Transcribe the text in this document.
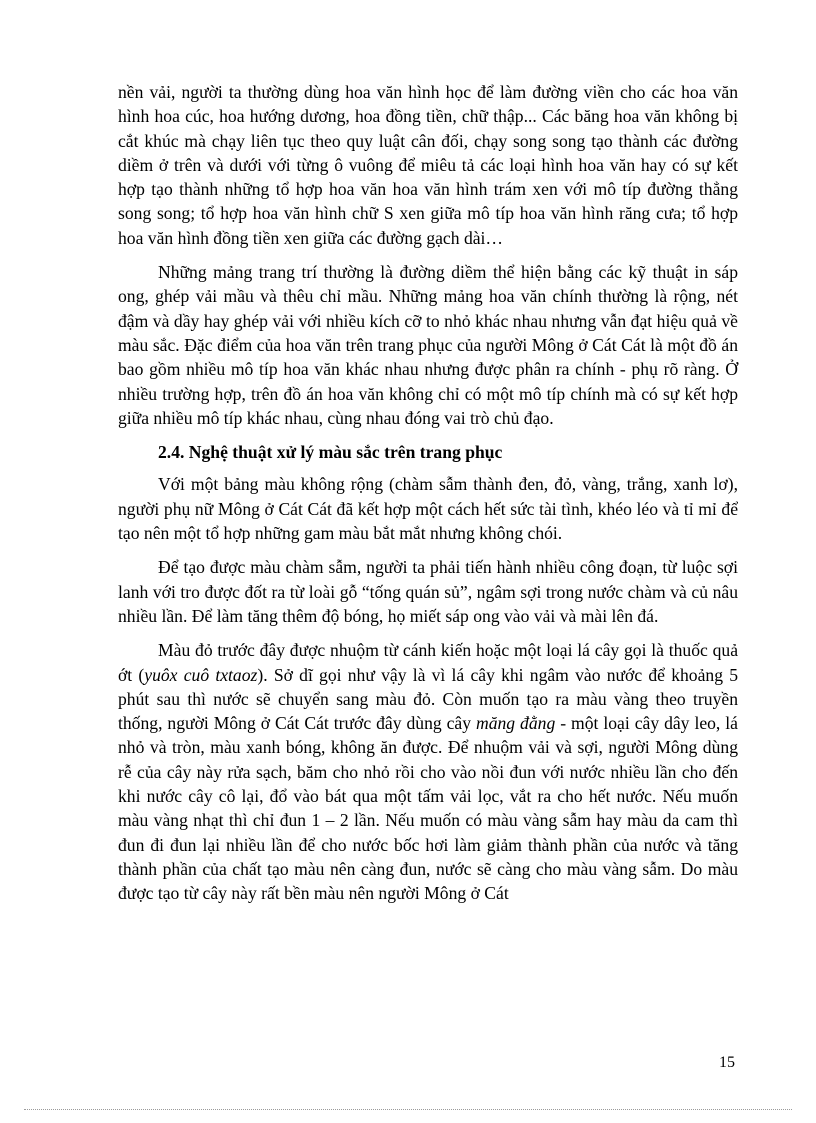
nền vải, người ta thường dùng hoa văn hình học để làm đường viền cho các hoa văn hình hoa cúc, hoa hướng dương, hoa đồng tiền, chữ thập... Các băng hoa văn không bị cắt khúc mà chạy liên tục theo quy luật cân đối, chạy song song tạo thành các đường diềm ở trên và dưới với từng ô vuông để miêu tả các loại hình hoa văn hay có sự kết hợp tạo thành những tổ hợp hoa văn hoa văn hình trám xen với mô típ đường thẳng song song; tổ hợp hoa văn hình chữ S xen giữa mô típ hoa văn hình răng cưa; tổ hợp hoa văn hình đồng tiền xen giữa các đường gạch dài…

Những mảng trang trí thường là đường diềm thể hiện bằng các kỹ thuật in sáp ong, ghép vải mầu và thêu chỉ mầu. Những mảng hoa văn chính thường là rộng, nét đậm và dầy hay ghép vải với nhiều kích cỡ to nhỏ khác nhau nhưng vẫn đạt hiệu quả về màu sắc. Đặc điểm của hoa văn trên trang phục của người Mông ở Cát Cát là một đồ án bao gồm nhiều mô típ hoa văn khác nhau nhưng được phân ra chính - phụ rõ ràng. Ở nhiều trường hợp, trên đồ án hoa văn không chỉ có một mô típ chính mà có sự kết hợp giữa nhiều mô típ khác nhau, cùng nhau đóng vai trò chủ đạo.

2.4. Nghệ thuật xử lý màu sắc trên trang phục

Với một bảng màu không rộng (chàm sẫm thành đen, đỏ, vàng, trắng, xanh lơ), người phụ nữ Mông ở Cát Cát đã kết hợp một cách hết sức tài tình, khéo léo và tỉ mỉ để tạo nên một tổ hợp những gam màu bắt mắt nhưng không chói.

Để tạo được màu chàm sẫm, người ta phải tiến hành nhiều công đoạn, từ luộc sợi lanh với tro được đốt ra từ loài gỗ “tống quán sủ”, ngâm sợi trong nước chàm và củ nâu nhiều lần. Để làm tăng thêm độ bóng, họ miết sáp ong vào vải và mài lên đá.

Màu đỏ trước đây được nhuộm từ cánh kiến hoặc một loại lá cây gọi là thuốc quả ớt (yuôx cuô txtaoz). Sở dĩ gọi như vậy là vì lá cây khi ngâm vào nước để khoảng 5 phút sau thì nước sẽ chuyển sang màu đỏ. Còn muốn tạo ra màu vàng theo truyền thống, người Mông ở Cát Cát trước đây dùng cây măng đằng - một loại cây dây leo, lá nhỏ và tròn, màu xanh bóng, không ăn được. Để nhuộm vải và sợi, người Mông dùng rễ của cây này rửa sạch, băm cho nhỏ rồi cho vào nồi đun với nước nhiều lần cho đến khi nước cây cô lại, đổ vào bát qua một tấm vải lọc, vắt ra cho hết nước. Nếu muốn màu vàng nhạt thì chỉ đun 1 – 2 lần. Nếu muốn có màu vàng sẫm hay màu da cam thì đun đi đun lại nhiều lần để cho nước bốc hơi làm giảm thành phần của nước và tăng thành phần của chất tạo màu nên càng đun, nước sẽ càng cho màu vàng sẫm. Do màu được tạo từ cây này rất bền màu nên người Mông ở Cát

15
